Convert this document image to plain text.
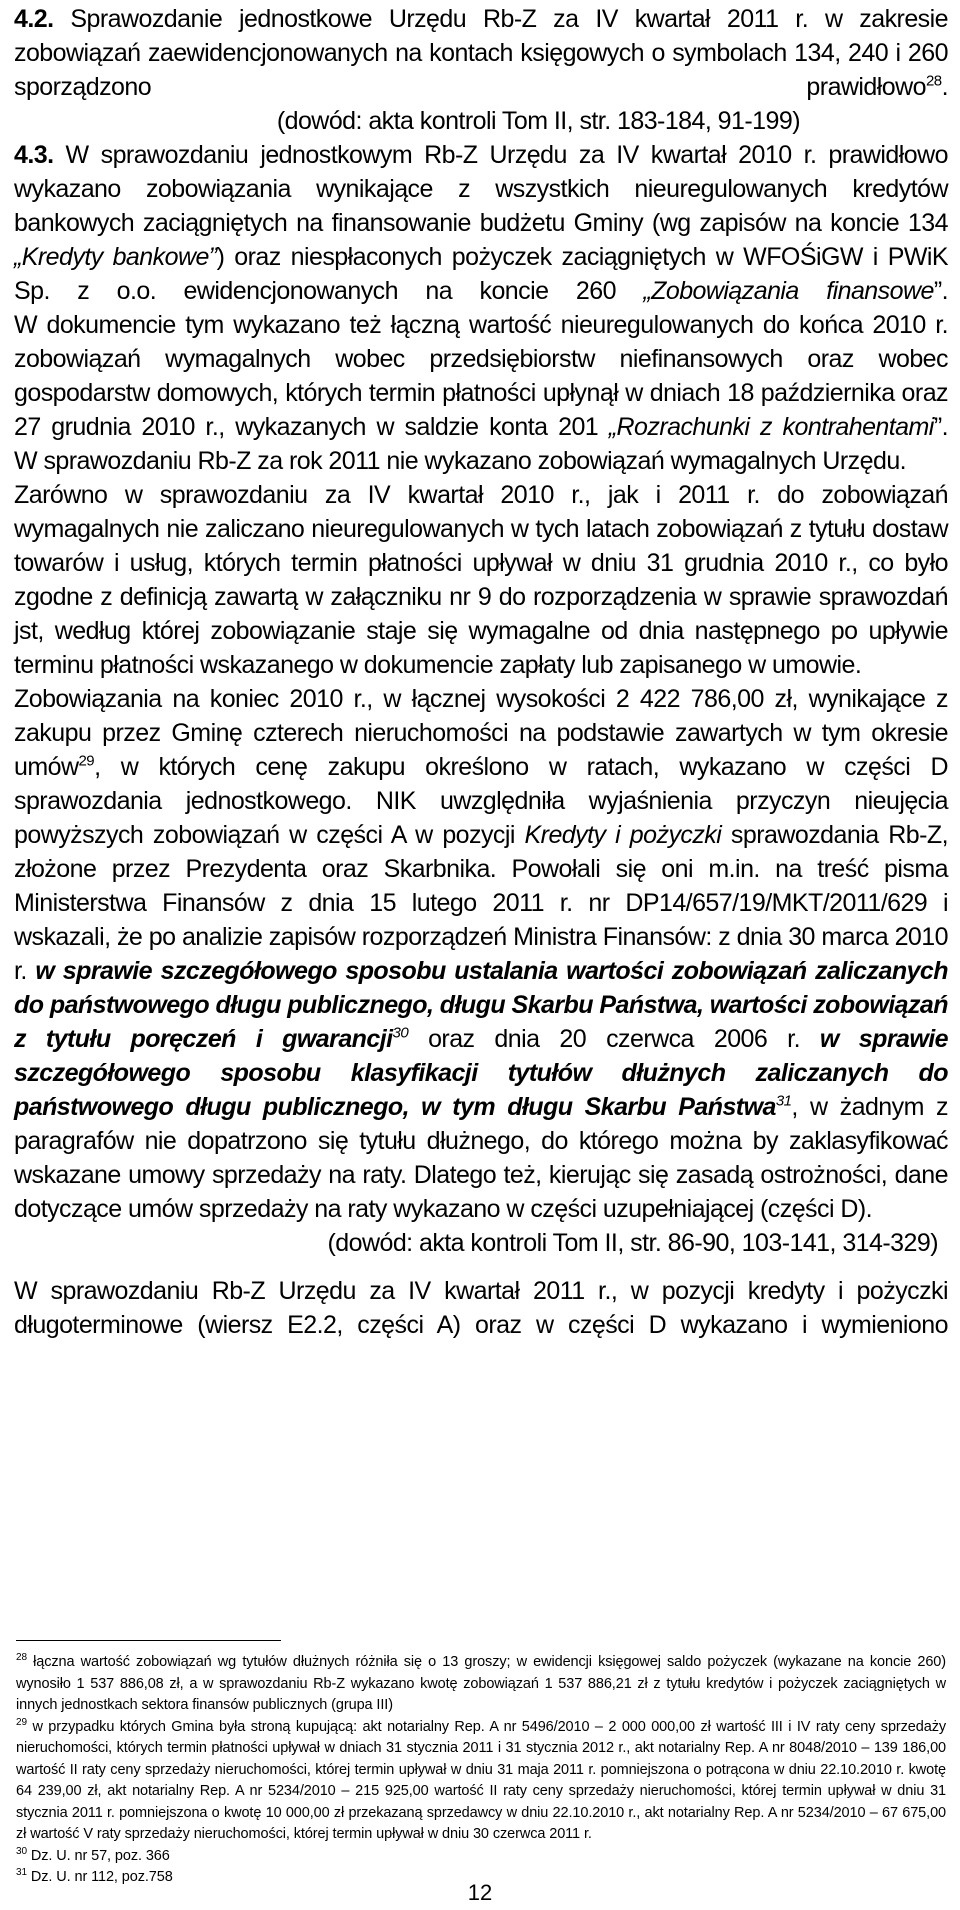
4.2. Sprawozdanie jednostkowe Urzędu Rb-Z za IV kwartał 2011 r. w zakresie zobowiązań zaewidencjonowanych na kontach księgowych o symbolach 134, 240 i 260 sporządzono prawidłowo$^{28}$.

(dowód: akta kontroli Tom II, str. 183-184, 91-199)

4.3. W sprawozdaniu jednostkowym Rb-Z Urzędu za IV kwartał 2010 r. prawidłowo wykazano zobowiązania wynikające z wszystkich nieuregulowanych kredytów bankowych zaciągniętych na finansowanie budżetu Gminy (wg zapisów na koncie 134 „Kredyty bankowe”) oraz niespłaconych pożyczek zaciągniętych w WFOŚiGW i PWiK Sp. z o.o. ewidencjonowanych na koncie 260 „Zobowiązania finansowe”.

W dokumencie tym wykazano też łączną wartość nieuregulowanych do końca 2010 r. zobowiązań wymagalnych wobec przedsiębiorstw niefinansowych oraz wobec gospodarstw domowych, których termin płatności upłynął w dniach 18 października oraz 27 grudnia 2010 r., wykazanych w saldzie konta 201 „Rozrachunki z kontrahentami”.

W sprawozdaniu Rb-Z za rok 2011 nie wykazano zobowiązań wymagalnych Urzędu.

Zarówno w sprawozdaniu za IV kwartał 2010 r., jak i 2011 r. do zobowiązań wymagalnych nie zaliczano nieuregulowanych w tych latach zobowiązań z tytułu dostaw towarów i usług, których termin płatności upływał w dniu 31 grudnia 2010 r., co było zgodne z definicją zawartą w załączniku nr 9 do rozporządzenia w sprawie sprawozdań jst, według której zobowiązanie staje się wymagalne od dnia następnego po upływie terminu płatności wskazanego w dokumencie zapłaty lub zapisanego w umowie.

Zobowiązania na koniec 2010 r., w łącznej wysokości 2 422 786,00 zł, wynikające z zakupu przez Gminę czterech nieruchomości na podstawie zawartych w tym okresie umów$^{29}$, w których cenę zakupu określono w ratach, wykazano w części D sprawozdania jednostkowego. NIK uwzględniła wyjaśnienia przyczyn nieujęcia powyższych zobowiązań w części A w pozycji Kredyty i pożyczki sprawozdania Rb-Z, złożone przez Prezydenta oraz Skarbnika. Powołali się oni m.in. na treść pisma Ministerstwa Finansów z dnia 15 lutego 2011 r. nr DP14/657/19/MKT/2011/629 i wskazali, że po analizie zapisów rozporządzeń Ministra Finansów: z dnia 30 marca 2010 r. w sprawie szczegółowego sposobu ustalania wartości zobowiązań zaliczanych do państwowego długu publicznego, długu Skarbu Państwa, wartości zobowiązań z tytułu poręczeń i gwarancji$^{30}$ oraz dnia 20 czerwca 2006 r. w sprawie szczegółowego sposobu klasyfikacji tytułów dłużnych zaliczanych do państwowego długu publicznego, w tym długu Skarbu Państwa$^{31}$, w żadnym z paragrafów nie dopatrzono się tytułu dłużnego, do którego można by zaklasyfikować wskazane umowy sprzedaży na raty. Dlatego też, kierując się zasadą ostrożności, dane dotyczące umów sprzedaży na raty wykazano w części uzupełniającej (części D).

(dowód: akta kontroli Tom II, str. 86-90, 103-141, 314-329)

W sprawozdaniu Rb-Z Urzędu za IV kwartał 2011 r., w pozycji kredyty i pożyczki długoterminowe (wiersz E2.2, części A) oraz w części D wykazano i wymieniono

$^{28}$ łączna wartość zobowiązań wg tytułów dłużnych różniła się o 13 groszy; w ewidencji księgowej saldo pożyczek (wykazane na koncie 260) wynosiło 1 537 886,08 zł, a w sprawozdaniu Rb-Z wykazano kwotę zobowiązań 1 537 886,21 zł z tytułu kredytów i pożyczek zaciągniętych w innych jednostkach sektora finansów publicznych (grupa III)

$^{29}$ w przypadku których Gmina była stroną kupującą: akt notarialny Rep. A nr 5496/2010 – 2 000 000,00 zł wartość III i IV raty ceny sprzedaży nieruchomości, których termin płatności upływał w dniach 31 stycznia 2011 i 31 stycznia 2012 r., akt notarialny Rep. A nr 8048/2010 – 139 186,00 wartość II raty ceny sprzedaży nieruchomości, której termin upływał w dniu 31 maja 2011 r. pomniejszona o potrącona w dniu 22.10.2010 r. kwotę 64 239,00 zł, akt notarialny Rep. A nr 5234/2010 – 215 925,00 wartość II raty ceny sprzedaży nieruchomości, której termin upływał w dniu 31 stycznia 2011 r. pomniejszona o kwotę 10 000,00 zł przekazaną sprzedawcy w dniu 22.10.2010 r., akt notarialny Rep. A nr 5234/2010 – 67 675,00 zł wartość V raty sprzedaży nieruchomości, której termin upływał w dniu 30 czerwca 2011 r.

$^{30}$ Dz. U. nr 57, poz. 366

$^{31}$ Dz. U. nr 112, poz.758

12
